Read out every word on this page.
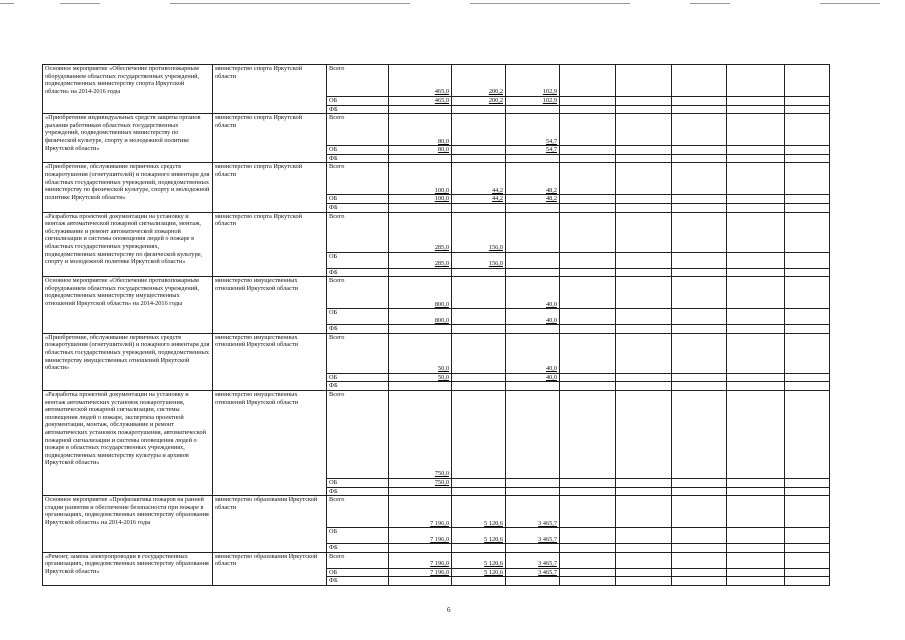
Основное мероприятие «Обеспечение противопожарным оборудованием областных государственных учреждений, подведомственных министерству спорта Иркутской области» на 2014-2016 годы	министерство спорта Иркутской области	Всего	465,0	200,2	102,9					
		ОБ	465,0	200,2	102,9					
		ФБ								
«Приобретение индивидуальных средств защиты органов дыхания работникам областных государственных учреждений, подведомственных министерству по физической культуре, спорту и молодежной политике Иркутской области»	министерство спорта Иркутской области	Всего	80,0		54,7					
		ОБ	80,0		54,7					
		ФБ								
«Приобретение, обслуживание первичных средств пожаротушения (огнетушителей) и пожарного инвентаря для областных государственных учреждений, подведомственных министерству по физической культуре, спорту и молодежной политике Иркутской области»	министерство спорта Иркутской области	Всего	100,0	44,2	48,2					
		ОБ	100,0	44,2	48,2					
		ФБ								
«Разработка проектной документации на установку и монтаж автоматической пожарной сигнализации, монтаж, обслуживание и ремонт автоматической пожарной сигнализации и системы оповещения людей о пожаре в областных государственных учреждениях, подведомственных министерству по физической культуре, спорту и молодежной политике Иркутской области»	министерство спорта Иркутской области	Всего	285,0	156,0						
		ОБ	285,0	156,0						
		ФБ								
Основное мероприятие «Обеспечение противопожарным оборудованием областных государственных учреждений, подведомственных министерству имущественных отношений Иркутской области» на 2014-2016 годы	министерство имущественных отношений Иркутской области	Всего	800,0		40,0					
		ОБ	800,0		40,0					
		ФБ								
«Приобретение, обслуживание первичных средств пожаротушения (огнетушителей) и пожарного инвентаря для областных государственных учреждений, подведомственных министерству имущественных отношений Иркутской области»	министерство имущественных отношений Иркутской области	Всего	50,0		40,0					
		ОБ	50,0		40,0					
		ФБ								
«Разработка проектной документации на установку и монтаж автоматических установок пожаротушения, автоматической пожарной сигнализации, системы оповещения людей о пожаре, экспертиза проектной документации, монтаж, обслуживание и ремонт автоматических установок пожаротушения, автоматической пожарной сигнализации и системы оповещения людей о пожаре в областных государственных учреждениях, подведомственных министерству культуры и архивов Иркутской области»	министерство имущественных отношений Иркутской области	Всего	750,0							
		ОБ	750,0							
		ФБ								
Основное мероприятие «Профилактика пожаров на ранней стадии развития и обеспечение безопасности при пожаре в организациях, подведомственных министерству образования Иркутской области» на 2014-2016 годы	министерство образования Иркутской области	Всего	7 196,0	5 120,6	3 465,7					
		ОБ	7 196,0	5 120,6	3 465,7					
		ФБ								
«Ремонт, замена электропроводки в государственных организациях, подведомственных министерству образования Иркутской области»	министерство образования Иркутской области	Всего	7 196,0	5 120,6	3 465,7					
		ОБ	7 196,0	5 120,6	3 465,7					
		ФБ								
6
